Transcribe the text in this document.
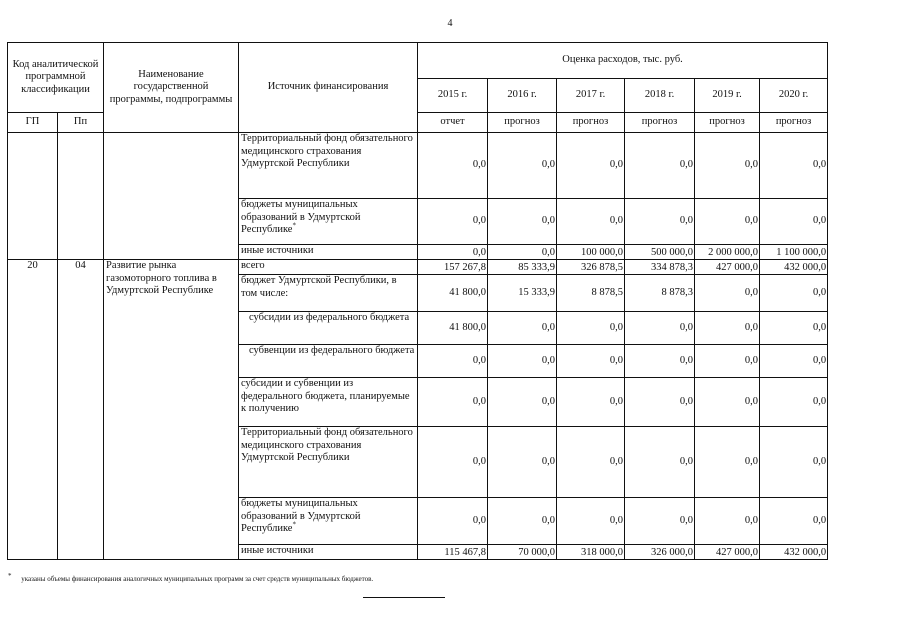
4
Код аналитической программной классификации		Наименование государственной программы, подпрограммы	Источник финансирования	Оценка расходов, тыс. руб.					
				2015 г.	2016 г.	2017 г.	2018 г.	2019 г.	2020 г.
ГП	Пп			отчет	прогноз	прогноз	прогноз	прогноз	прогноз
			Территориальный фонд обязательного медицинского страхования Удмуртской Республики	0,0	0,0	0,0	0,0	0,0	0,0
			бюджеты муниципальных образований в Удмуртской Республике*	0,0	0,0	0,0	0,0	0,0	0,0
			иные источники	0,0	0,0	100 000,0	500 000,0	2 000 000,0	1 100 000,0
20	04	Развитие рынка газомоторного топлива в Удмуртской Республике	всего	157 267,8	85 333,9	326 878,5	334 878,3	427 000,0	432 000,0
			бюджет Удмуртской Республики, в том числе:	41 800,0	15 333,9	8 878,5	8 878,3	0,0	0,0
			субсидии из федерального бюджета	41 800,0	0,0	0,0	0,0	0,0	0,0
			субвенции из федерального бюджета	0,0	0,0	0,0	0,0	0,0	0,0
			субсидии и субвенции из федерального бюджета, планируемые к получению	0,0	0,0	0,0	0,0	0,0	0,0
			Территориальный фонд обязательного медицинского страхования Удмуртской Республики	0,0	0,0	0,0	0,0	0,0	0,0
			бюджеты муниципальных образований в Удмуртской Республике*	0,0	0,0	0,0	0,0	0,0	0,0
			иные источники	115 467,8	70 000,0	318 000,0	326 000,0	427 000,0	432 000,0
* указаны объемы финансирования аналогичных муниципальных программ за счет средств муниципальных бюджетов.
